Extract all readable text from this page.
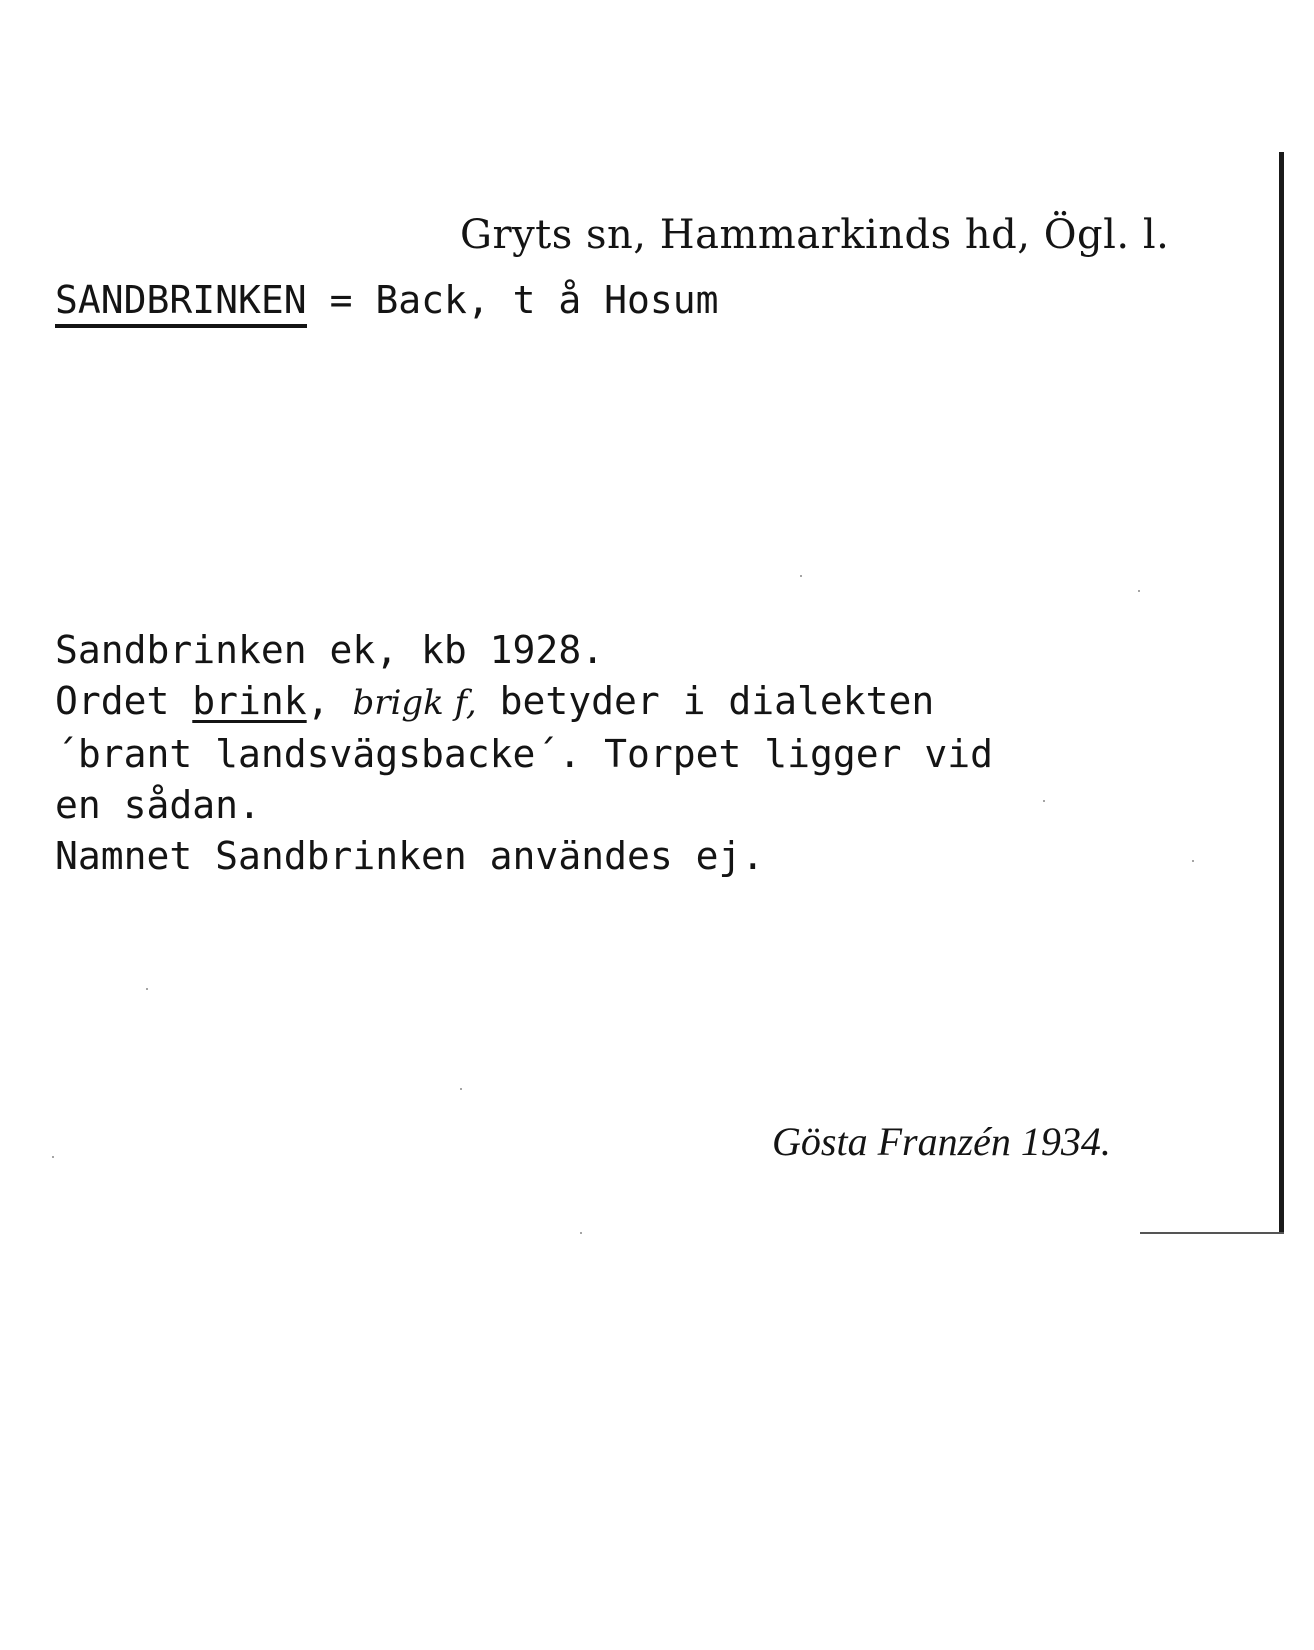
Gryts sn, Hammarkinds hd, Ögl. l.
SANDBRINKEN = Back, t å Hosum
Sandbrinken ek, kb 1928.
Ordet brink, brigk f, betyder i dialekten
´brant landsvägsbacke´. Torpet ligger vid
en sådan.
Namnet Sandbrinken användes ej.
Gösta Franzén 1934.
